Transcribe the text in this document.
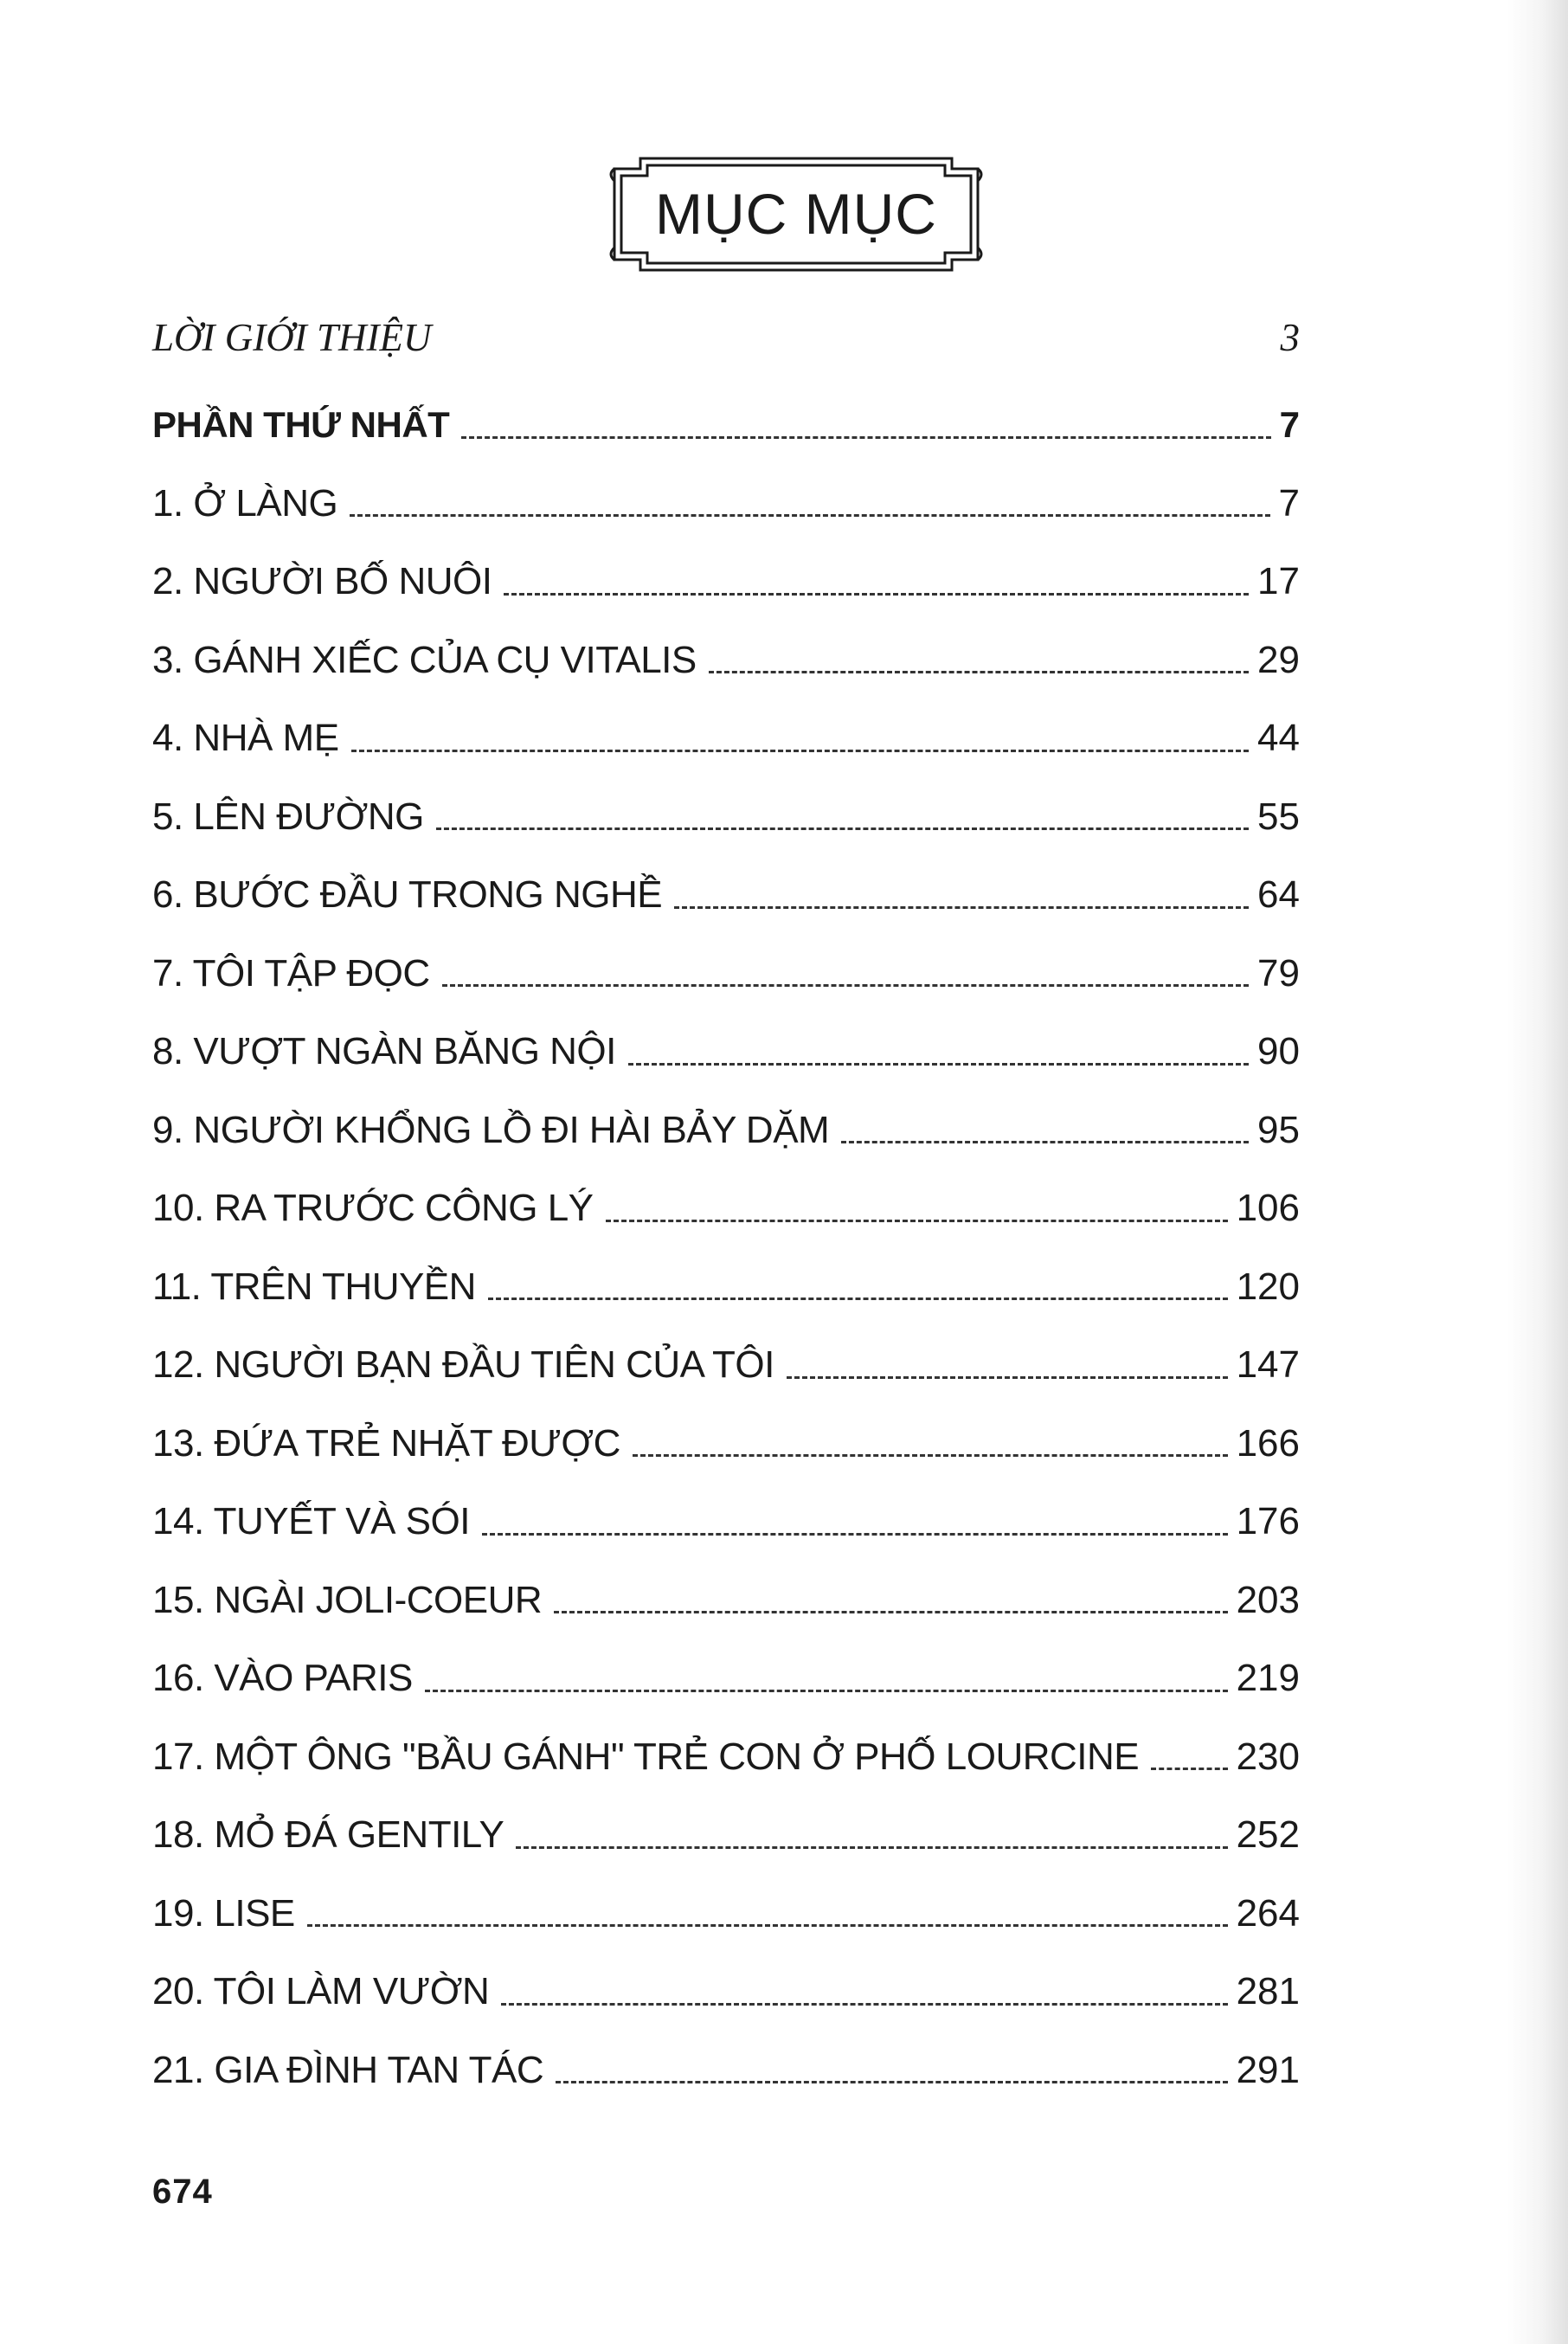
MỤC MỤC
LỜI GIỚI THIỆU	3
PHẦN THỨ NHẤT	7
1. Ở LÀNG	7
2. NGƯỜI BỐ NUÔI	17
3. GÁNH XIẾC CỦA CỤ VITALIS	29
4. NHÀ MẸ	44
5. LÊN ĐƯỜNG	55
6. BƯỚC ĐẦU TRONG NGHỀ	64
7. TÔI TẬP ĐỌC	79
8. VƯỢT NGÀN BĂNG NỘI	90
9. NGƯỜI KHỔNG LỒ ĐI HÀI BẢY DẶM	95
10. RA TRƯỚC CÔNG LÝ	106
11. TRÊN THUYỀN	120
12. NGƯỜI BẠN ĐẦU TIÊN CỦA TÔI	147
13. ĐỨA TRẺ NHẶT ĐƯỢC	166
14. TUYẾT VÀ SÓI	176
15. NGÀI JOLI-COEUR	203
16. VÀO PARIS	219
17. MỘT ÔNG "BẦU GÁNH" TRẺ CON Ở PHỐ LOURCINE	230
18. MỎ ĐÁ GENTILY	252
19. LISE	264
20. TÔI LÀM VƯỜN	281
21. GIA ĐÌNH TAN TÁC	291
674
